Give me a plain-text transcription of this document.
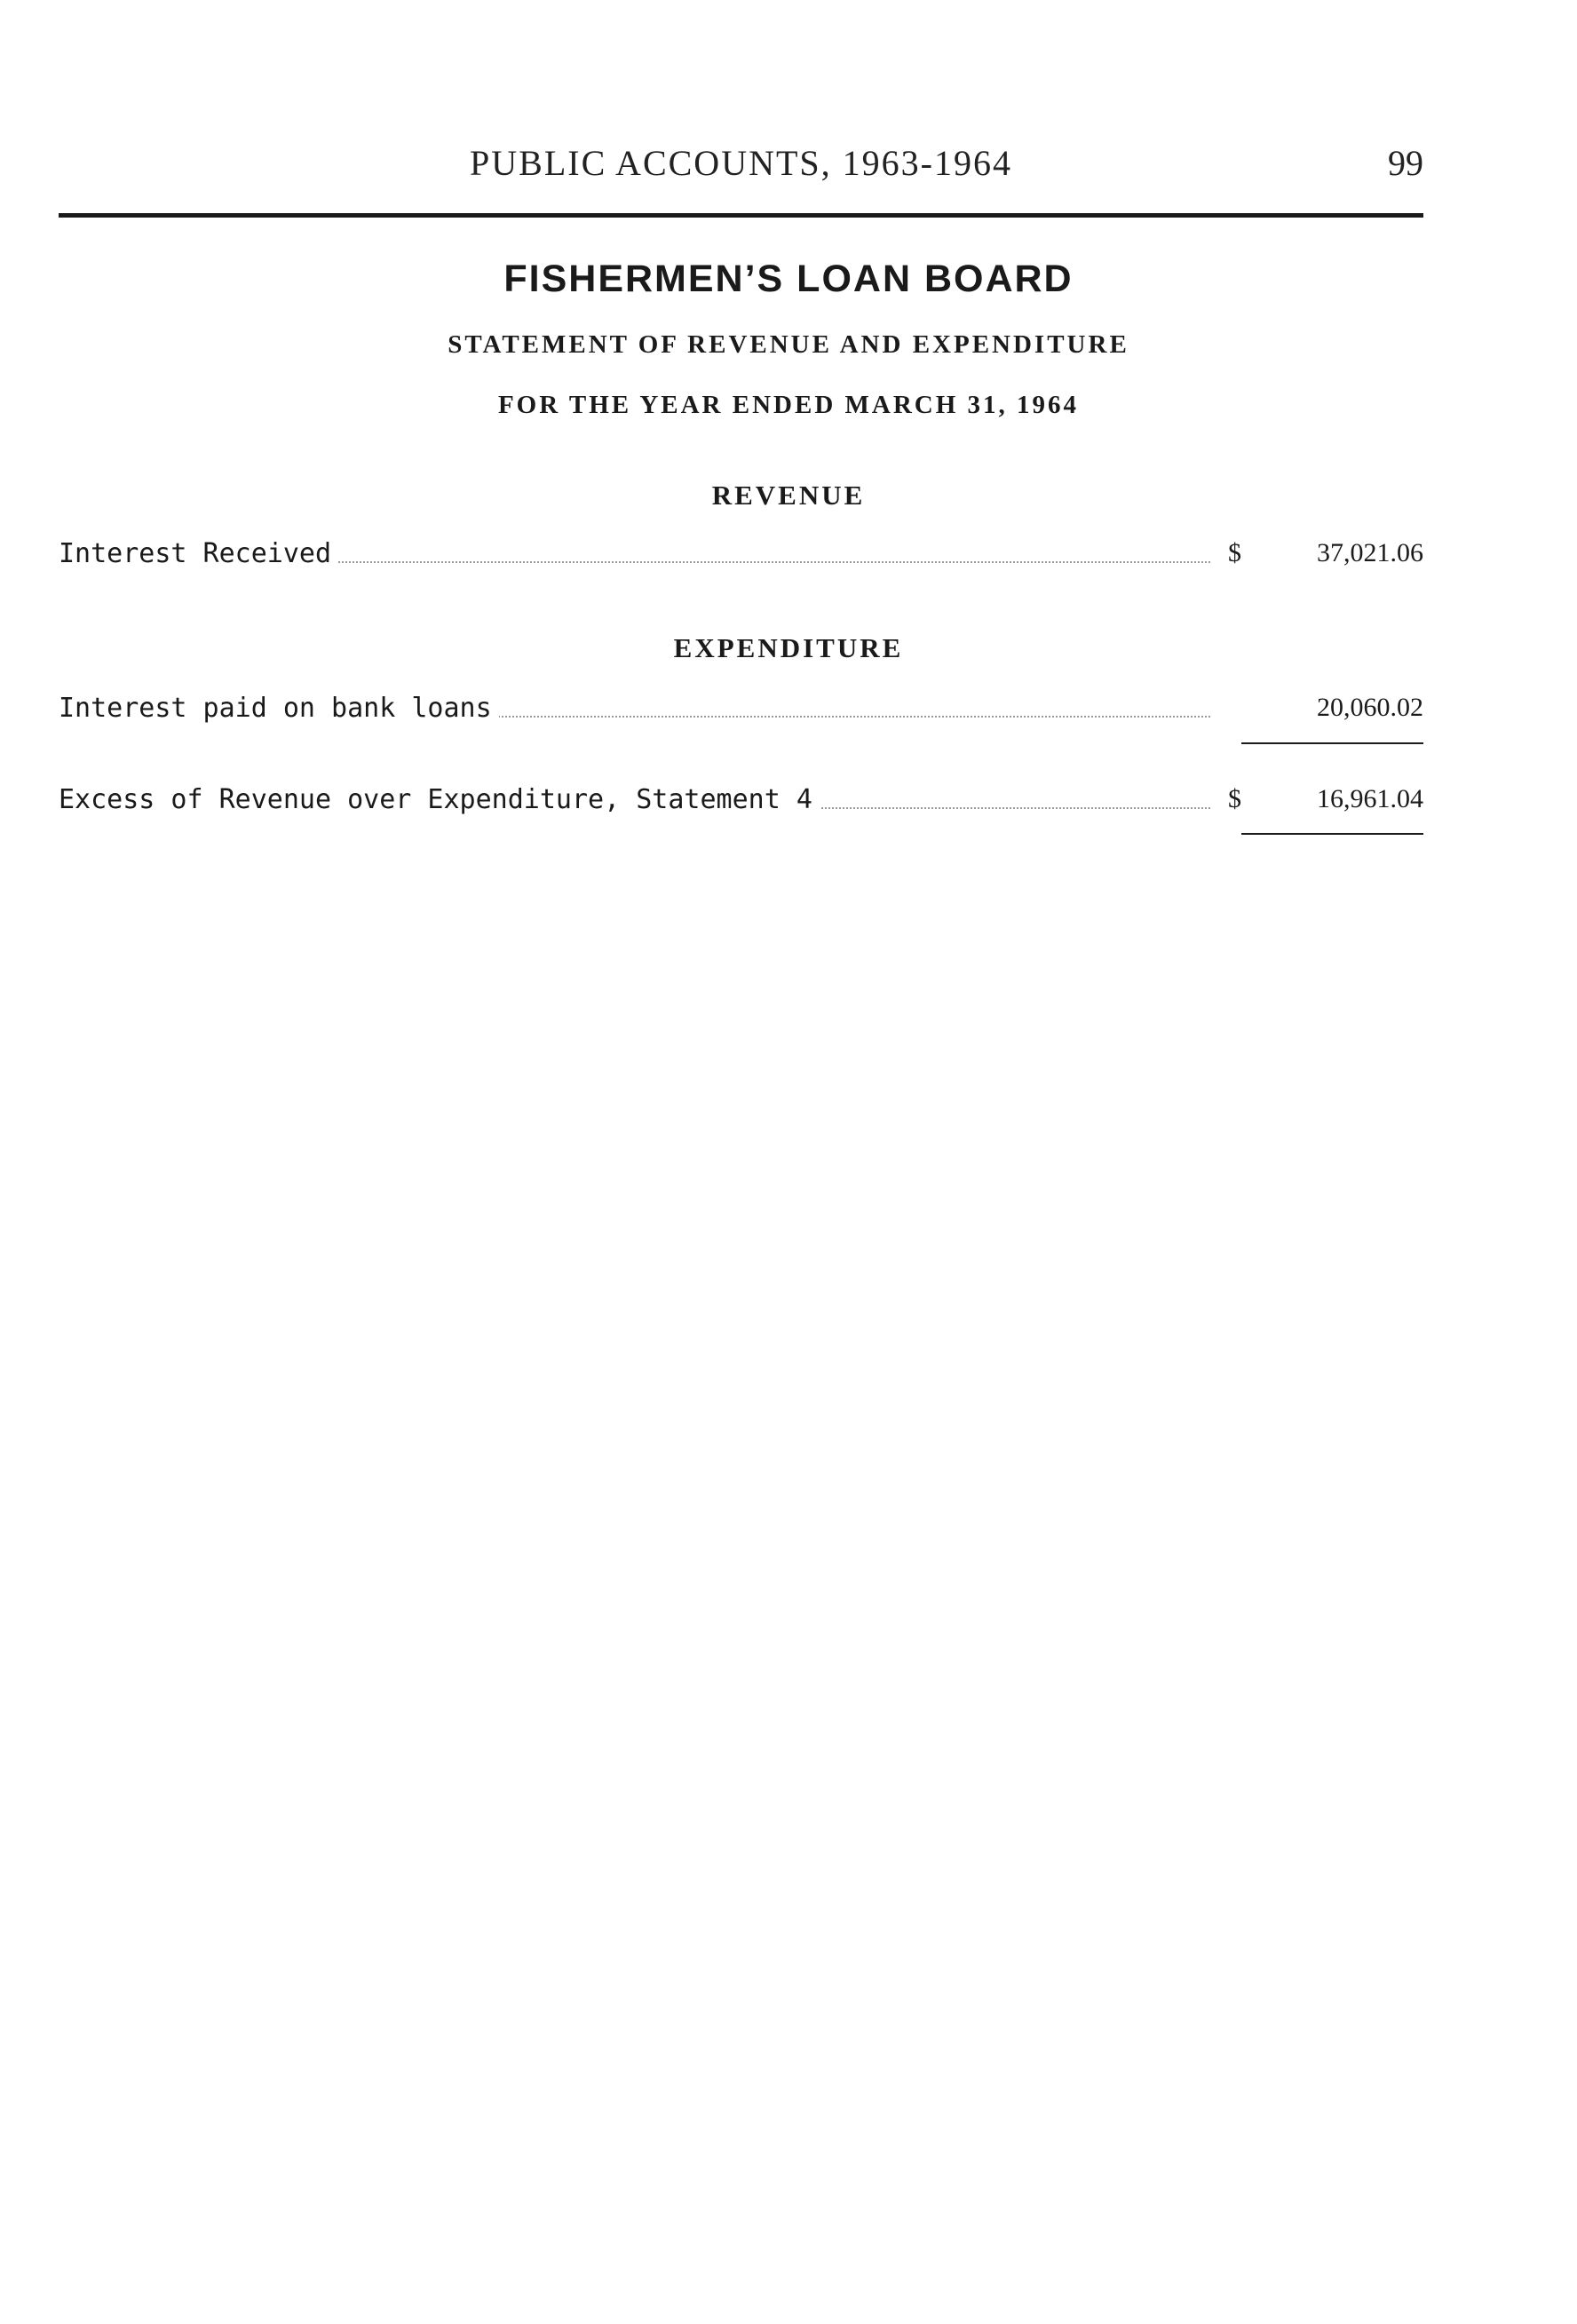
PUBLIC ACCOUNTS, 1963-1964	99
FISHERMEN’S LOAN BOARD
STATEMENT OF REVENUE AND EXPENDITURE
FOR THE YEAR ENDED MARCH 31, 1964
REVENUE
Interest Received	$	37,021.06
EXPENDITURE
Interest paid on bank loans	20,060.02
Excess of Revenue over Expenditure, Statement 4	$	16,961.04
